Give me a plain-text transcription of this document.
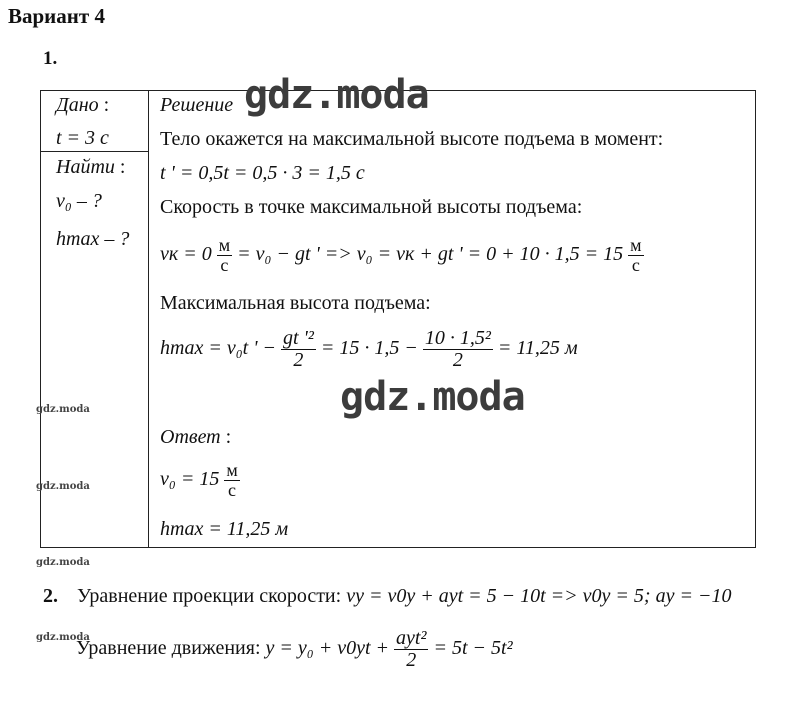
Вариант 4
1.
Дано :
t = 3 с
Найти :
v₀ – ?
hmax – ?
Решение
Тело окажется на максимальной высоте подъема в момент:
t ' = 0,5t = 0,5 · 3 = 1,5 с
Скорость в точке максимальной высоты подъема:
vк = $0 \frac{м}{с} = v_0$ − gt ' => v₀ = vк + gt ' = $0 + 10 \cdot 1,5 = 15 \frac{м}{с}$
Максимальная высота подъема:
hmax = v₀t ' − $\frac{\text{gt '²}}{2} = 15 \cdot 1,5 - \frac{\text{10 · 1,5²}}{2} = 11,25$ м
Ответ :
$v_0 = 15 \frac{м}{с}$
hmax = 11,25 м
2. Уравнение проекции скорости: vy = v0y + ayt = 5 − 10t => v0y = 5; ay = −10
Уравнение движения: $y = y_0 + v0yt + \frac{\text{ayt²}}{2} = 5t - 5t^2$
gdz.moda
gdz.moda
gdz.moda
gdz.moda
gdz.moda
gdz.moda
